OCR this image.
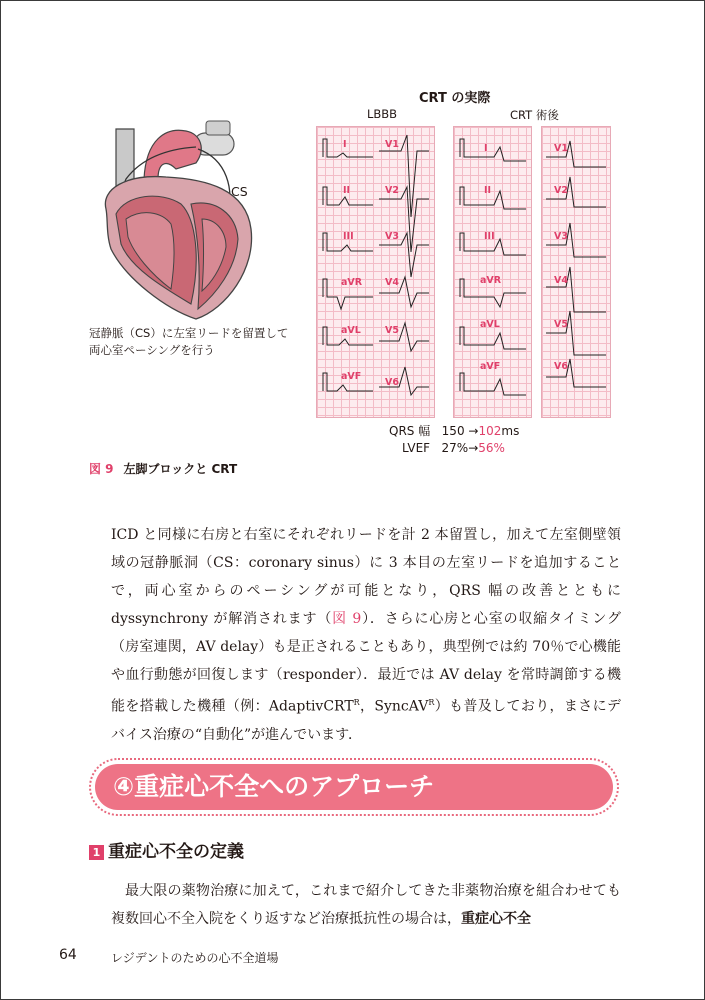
CRT の実際
LBBB	CRT 術後
CS
冠静脈（CS）に左室リードを留置して
両心室ペーシングを行う
I
II
III
aVR
aVL
aVF
V1
V2
V3
V4
V5
V6
I
II
III
aVR
aVL
aVF
V1
V2
V3
V4
V5
V6
QRS 幅 150 →102ms
LVEF 27%→56%
図 9 左脚ブロックと CRT
ICD と同様に右房と右室にそれぞれリードを計 2 本留置し，加えて左室側壁領域の冠静脈洞（CS：coronary sinus）に 3 本目の左室リードを追加することで，両心室からのペーシングが可能となり，QRS 幅の改善とともに dyssynchrony が解消されます（図 9）．さらに心房と心室の収縮タイミング（房室連関，AV delay）も是正されることもあり，典型例では約 70％で心機能や血行動態が回復します（responder）．最近では AV delay を常時調節する機能を搭載した機種（例：AdaptivCRT$^R$，SyncAV$^R$）も普及しており，まさにデバイス治療の“自動化”が進んでいます．
④重症心不全へのアプローチ
1 重症心不全の定義
最大限の薬物治療に加えて，これまで紹介してきた非薬物治療を組合わせても複数回心不全入院をくり返すなど治療抵抗性の場合は，重症心不全
64	レジデントのための心不全道場
